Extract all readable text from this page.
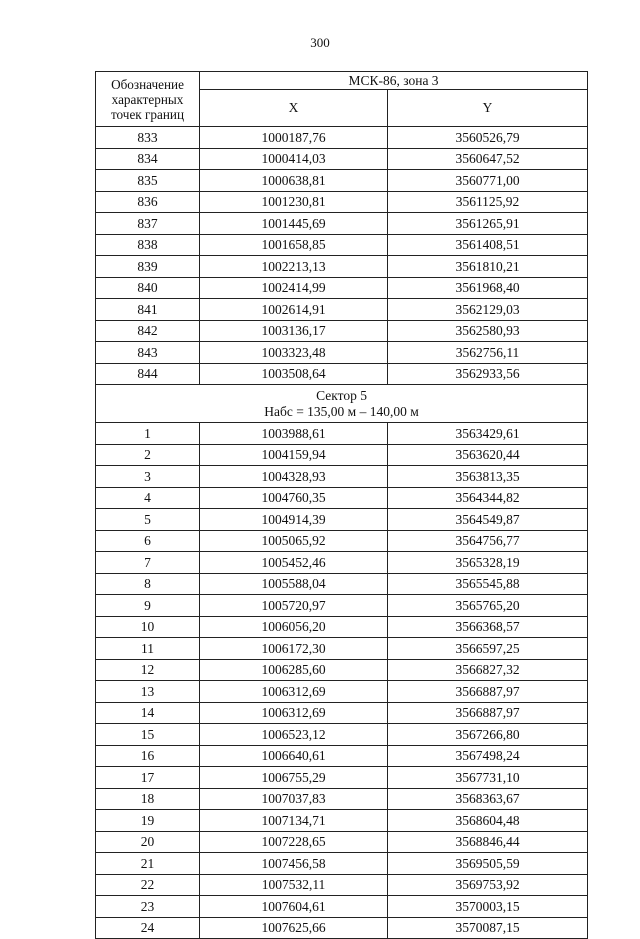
300
Обозначение характерных точек границ	МСК-86, зона 3	
	X	Y
833	1000187,76	3560526,79
834	1000414,03	3560647,52
835	1000638,81	3560771,00
836	1001230,81	3561125,92
837	1001445,69	3561265,91
838	1001658,85	3561408,51
839	1002213,13	3561810,21
840	1002414,99	3561968,40
841	1002614,91	3562129,03
842	1003136,17	3562580,93
843	1003323,48	3562756,11
844	1003508,64	3562933,56

Сектор 5
Набс = 135,00 м – 140,00 м		

1	1003988,61	3563429,61
2	1004159,94	3563620,44
3	1004328,93	3563813,35
4	1004760,35	3564344,82
5	1004914,39	3564549,87
6	1005065,92	3564756,77
7	1005452,46	3565328,19
8	1005588,04	3565545,88
9	1005720,97	3565765,20
10	1006056,20	3566368,57
11	1006172,30	3566597,25
12	1006285,60	3566827,32
13	1006312,69	3566887,97
14	1006312,69	3566887,97
15	1006523,12	3567266,80
16	1006640,61	3567498,24
17	1006755,29	3567731,10
18	1007037,83	3568363,67
19	1007134,71	3568604,48
20	1007228,65	3568846,44
21	1007456,58	3569505,59
22	1007532,11	3569753,92
23	1007604,61	3570003,15
24	1007625,66	3570087,15
